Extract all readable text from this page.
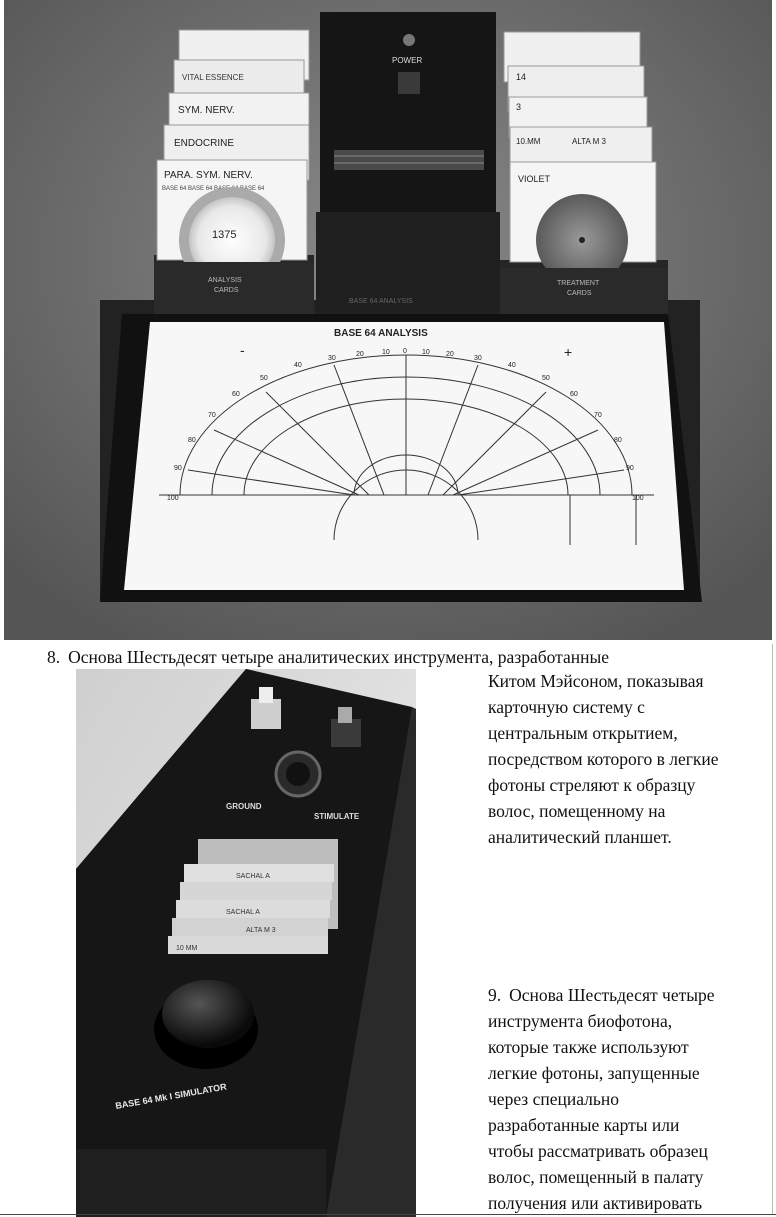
VITAL ESSENCE
SYM. NERV.
ENDOCRINE
PARA. SYM. NERV.
BASE 64 BASE 64 BASE 64 BASE 64
1375
ANALYSIS
CARDS
POWER
BASE 64 ANALYSIS
14
3
10.MM	ALTA M 3
VIOLET
TREATMENT
CARDS
BASE 64 ANALYSIS
-	+
100
90
80
70
60
50
40
30
20	10 0 10 20
30
40
50
60
70
80
90
100
8. Основа Шестьдесят четыре аналитических инструмента, разработанные
Китом Мэйсоном, показывая
карточную систему с
центральным открытием,
посредством которого в легкие
фотоны стреляют к образцу
волос, помещенному на
аналитический планшет.
GROUND
STIMULATE
SACHAL A
SACHAL A
ALTA M 3
10 MM
BASE 64 Mk I SIMULATOR
9. Основа Шестьдесят четыре
инструмента биофотона,
которые также используют
легкие фотоны, запущенные
через специально
разработанные карты или
чтобы рассматривать образец
волос, помещенный в палату
получения или активировать
